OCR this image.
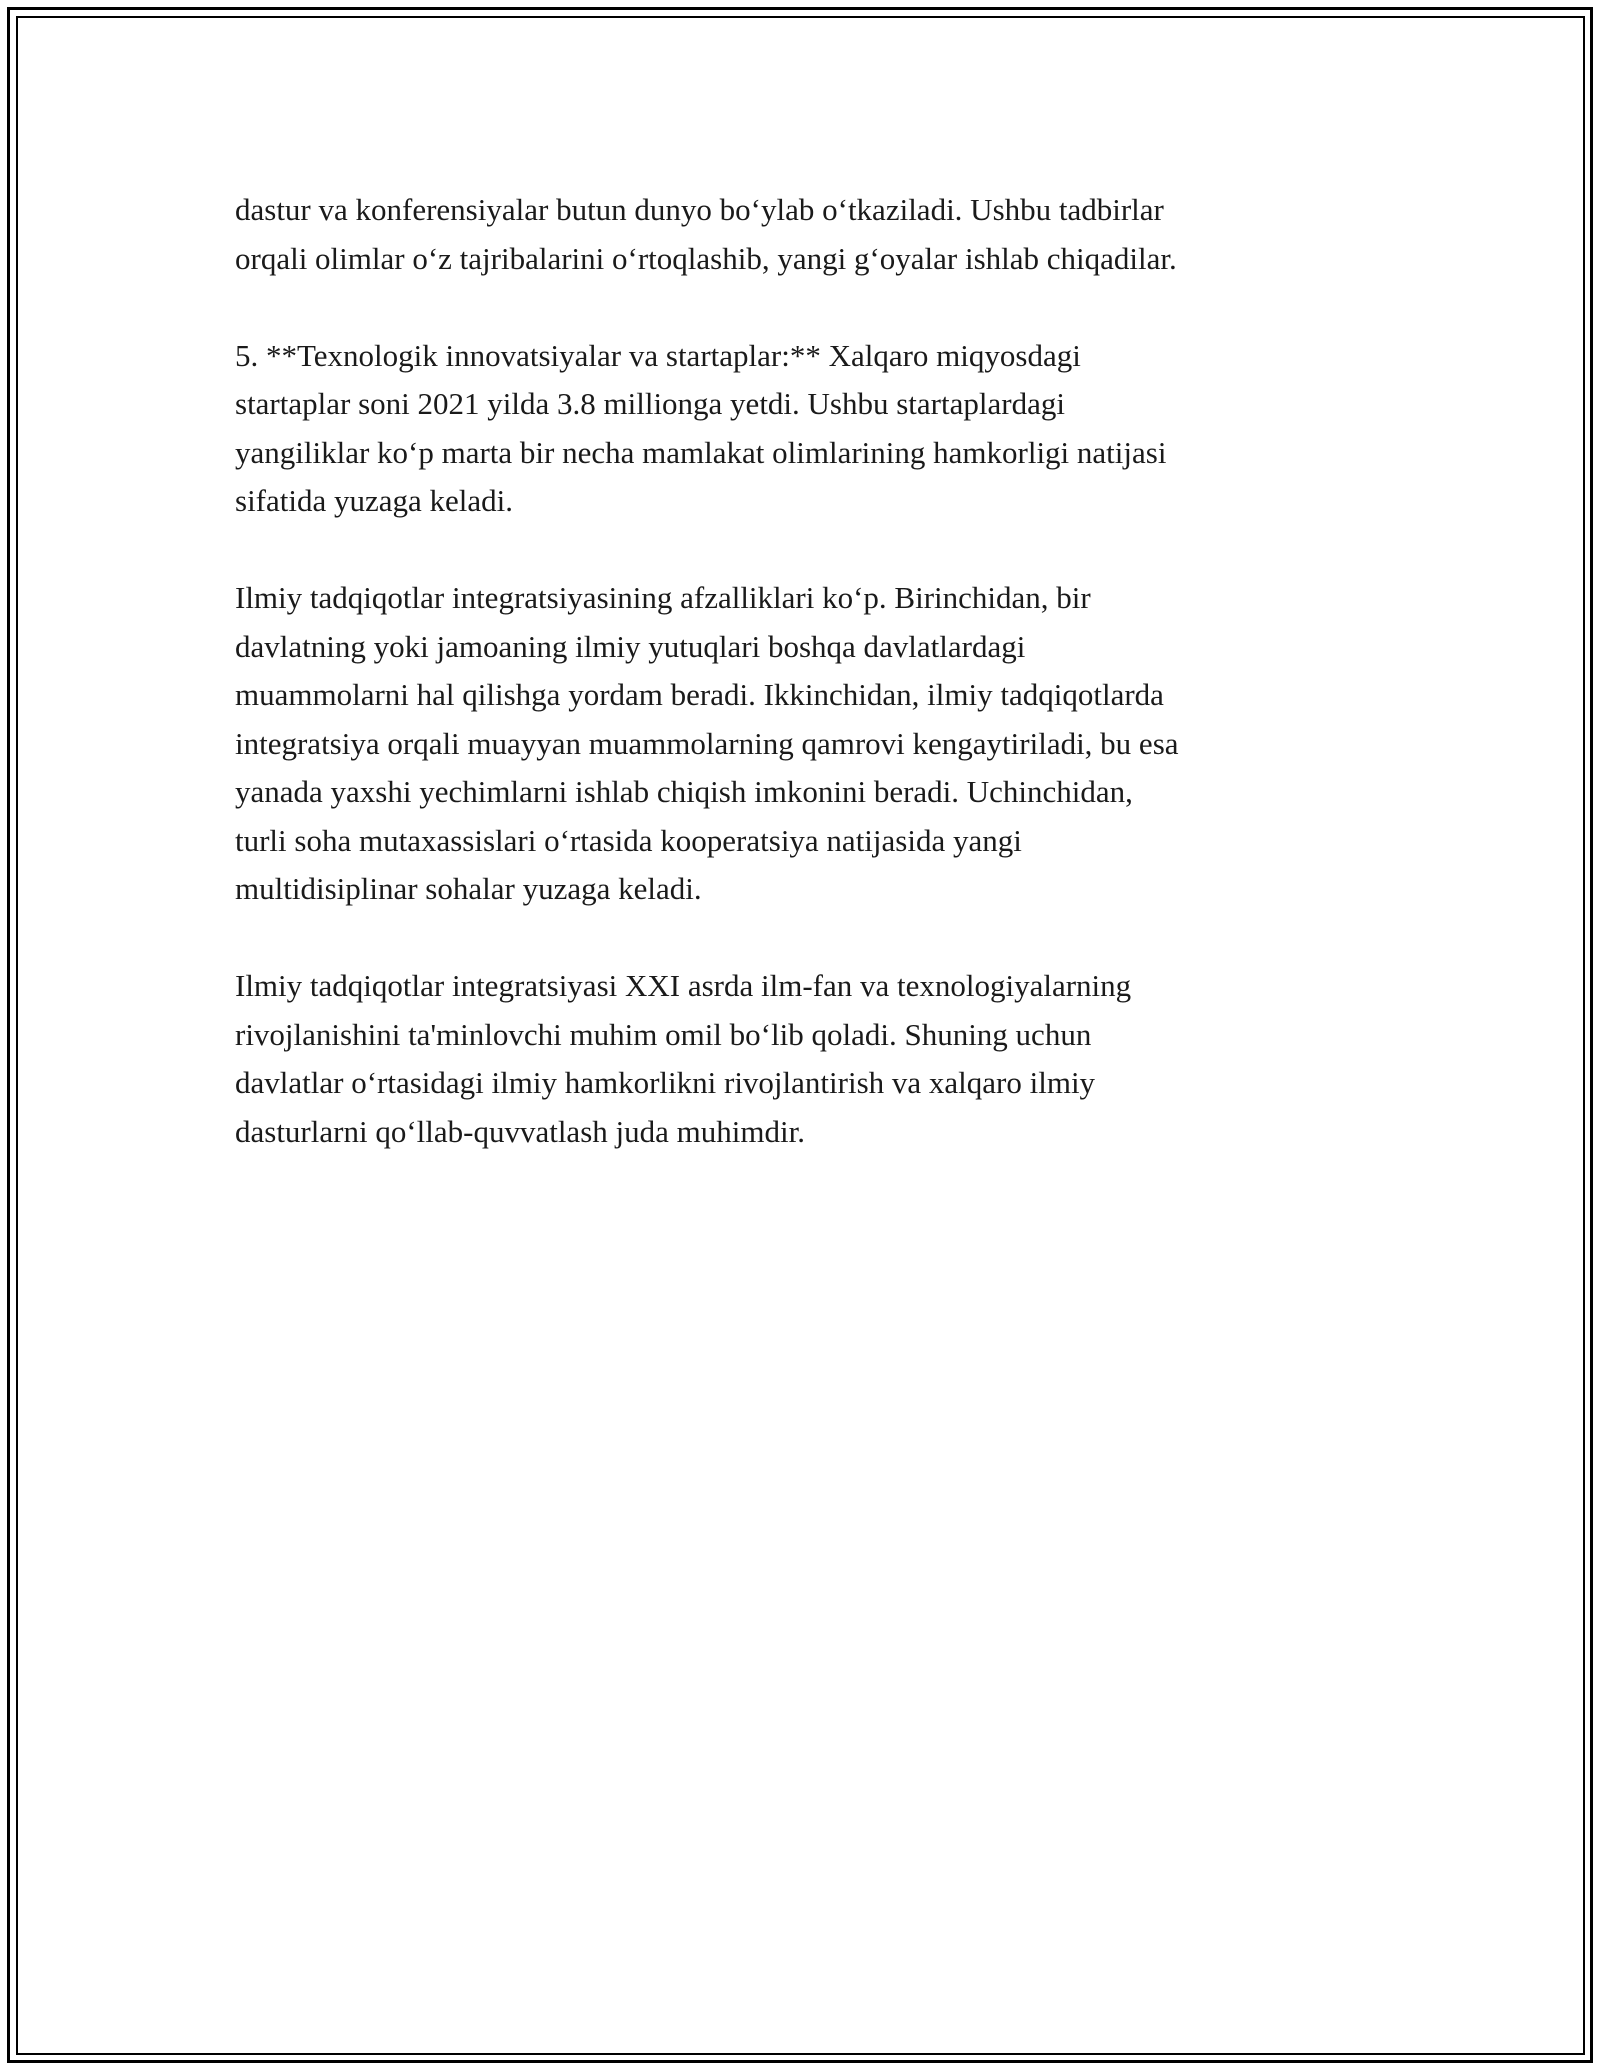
dastur va konferensiyalar butun dunyo bo‘ylab o‘tkaziladi. Ushbu tadbirlar
orqali olimlar o‘z tajribalarini o‘rtoqlashib, yangi g‘oyalar ishlab chiqadilar.

5. **Texnologik innovatsiyalar va startaplar:** Xalqaro miqyosdagi
startaplar soni 2021 yilda 3.8 millionga yetdi. Ushbu startaplardagi
yangiliklar ko‘p marta bir necha mamlakat olimlarining hamkorligi natijasi
sifatida yuzaga keladi.

Ilmiy tadqiqotlar integratsiyasining afzalliklari ko‘p. Birinchidan, bir
davlatning yoki jamoaning ilmiy yutuqlari boshqa davlatlardagi
muammolarni hal qilishga yordam beradi. Ikkinchidan, ilmiy tadqiqotlarda
integratsiya orqali muayyan muammolarning qamrovi kengaytiriladi, bu esa
yanada yaxshi yechimlarni ishlab chiqish imkonini beradi. Uchinchidan,
turli soha mutaxassislari o‘rtasida kooperatsiya natijasida yangi
multidisiplinar sohalar yuzaga keladi.

Ilmiy tadqiqotlar integratsiyasi XXI asrda ilm-fan va texnologiyalarning
rivojlanishini ta'minlovchi muhim omil bo‘lib qoladi. Shuning uchun
davlatlar o‘rtasidagi ilmiy hamkorlikni rivojlantirish va xalqaro ilmiy
dasturlarni qo‘llab-quvvatlash juda muhimdir.
